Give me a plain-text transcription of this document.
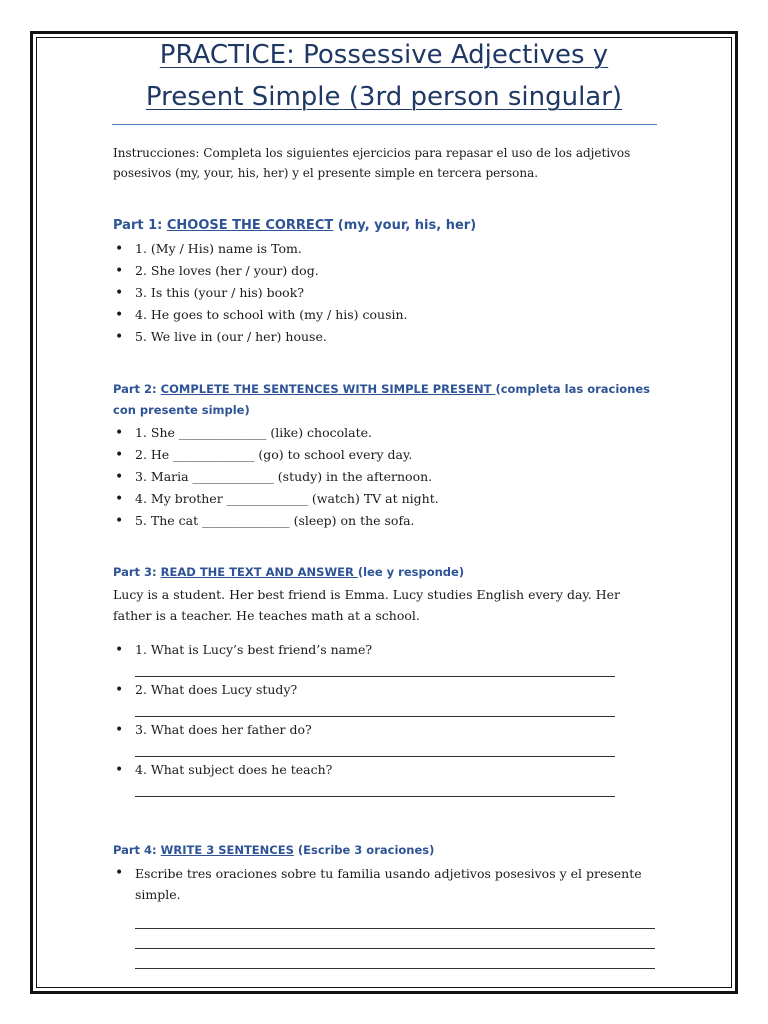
PRACTICE: Possessive Adjectives y
Present Simple (3rd person singular)
Instrucciones: Completa los siguientes ejercicios para repasar el uso de los adjetivos posesivos (my, your, his, her) y el presente simple en tercera persona.
Part 1: CHOOSE THE CORRECT (my, your, his, her)
• 1. (My / His) name is Tom.
• 2. She loves (her / your) dog.
• 3. Is this (your / his) book?
• 4. He goes to school with (my / his) cousin.
• 5. We live in (our / her) house.
Part 2: COMPLETE THE SENTENCES WITH SIMPLE PRESENT (completa las oraciones con presente simple)
• 1. She ______________ (like) chocolate.
• 2. He _____________ (go) to school every day.
• 3. Maria _____________ (study) in the afternoon.
• 4. My brother _____________ (watch) TV at night.
• 5. The cat ______________ (sleep) on the sofa.
Part 3: READ THE TEXT AND ANSWER (lee y responde)
Lucy is a student. Her best friend is Emma. Lucy studies English every day. Her father is a teacher. He teaches math at a school.
• 1. What is Lucy’s best friend’s name?
• 2. What does Lucy study?
• 3. What does her father do?
• 4. What subject does he teach?
Part 4: WRITE 3 SENTENCES (Escribe 3 oraciones)
• Escribe tres oraciones sobre tu familia usando adjetivos posesivos y el presente simple.
